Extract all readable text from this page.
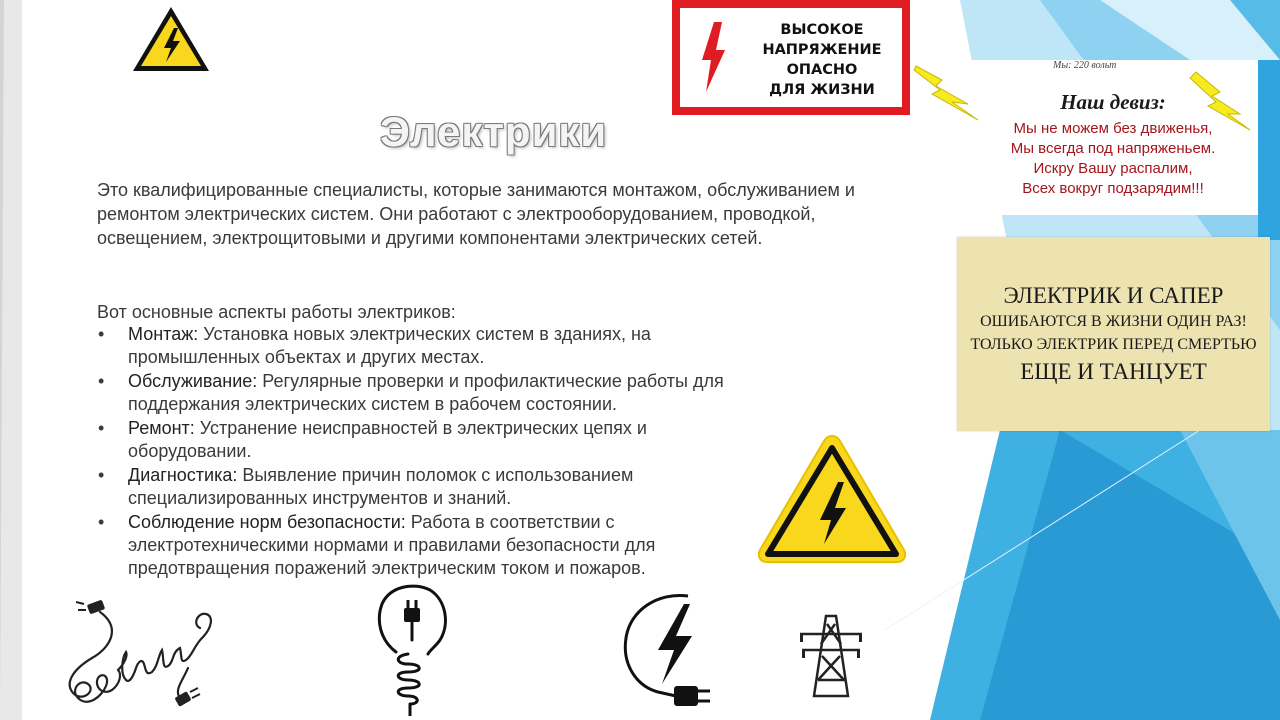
ВЫСОКОЕ
НАПРЯЖЕНИЕ
ОПАСНО
ДЛЯ ЖИЗНИ
Мы: 220 вольт
Наш девиз:
Мы не можем без движенья,
Мы всегда под напряженьем.
Искру Вашу распалим,
Всех вокруг подзарядим!!!
ЭЛЕКТРИК И САПЕР
ОШИБАЮТСЯ В ЖИЗНИ ОДИН РАЗ!
ТОЛЬКО ЭЛЕКТРИК ПЕРЕД СМЕРТЬЮ
ЕЩЕ И ТАНЦУЕТ
Электрики

Это квалифицированные специалисты, которые занимаются монтажом, обслуживанием и ремонтом электрических систем. Они работают с электрооборудованием, проводкой, освещением, электрощитовыми и другими компонентами электрических сетей.

Вот основные аспекты работы электриков:

• Монтаж: Установка новых электрических систем в зданиях, на промышленных объектах и других местах.
• Обслуживание: Регулярные проверки и профилактические работы для поддержания электрических систем в рабочем состоянии.
• Ремонт: Устранение неисправностей в электрических цепях и оборудовании.
• Диагностика: Выявление причин поломок с использованием специализированных инструментов и знаний.
• Соблюдение норм безопасности: Работа в соответствии с электротехническими нормами и правилами безопасности для предотвращения поражений электрическим током и пожаров.
